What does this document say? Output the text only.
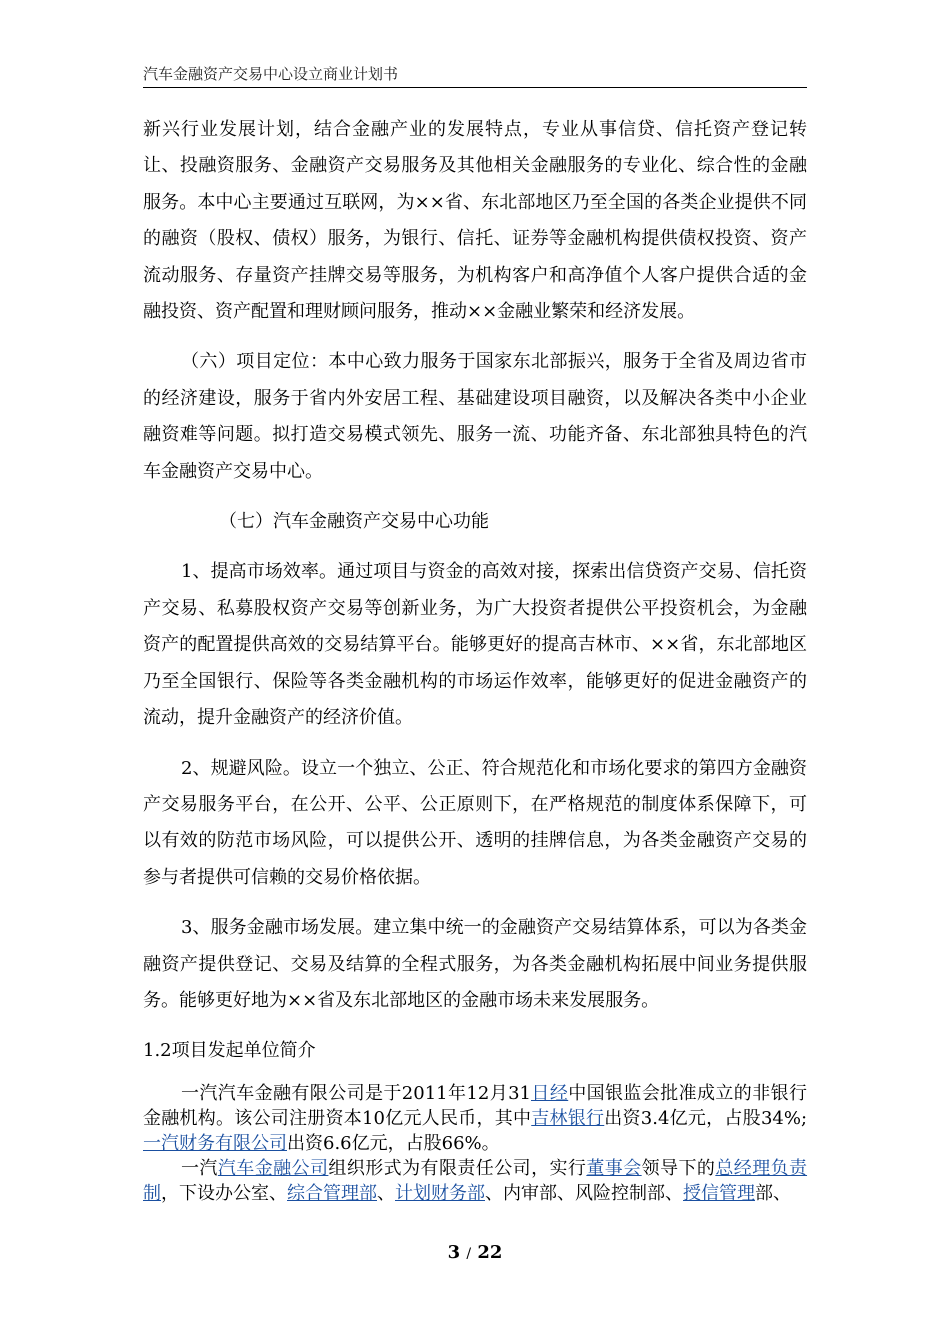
汽车金融资产交易中心设立商业计划书

新兴行业发展计划，结合金融产业的发展特点，专业从事信贷、信托资产登记转让、投融资服务、金融资产交易服务及其他相关金融服务的专业化、综合性的金融服务。本中心主要通过互联网，为××省、东北部地区乃至全国的各类企业提供不同的融资（股权、债权）服务，为银行、信托、证券等金融机构提供债权投资、资产流动服务、存量资产挂牌交易等服务，为机构客户和高净值个人客户提供合适的金融投资、资产配置和理财顾问服务，推动××金融业繁荣和经济发展。

（六）项目定位：本中心致力服务于国家东北部振兴，服务于全省及周边省市的经济建设，服务于省内外安居工程、基础建设项目融资，以及解决各类中小企业融资难等问题。拟打造交易模式领先、服务一流、功能齐备、东北部独具特色的汽车金融资产交易中心。

（七）汽车金融资产交易中心功能

1、提高市场效率。通过项目与资金的高效对接，探索出信贷资产交易、信托资产交易、私募股权资产交易等创新业务，为广大投资者提供公平投资机会，为金融资产的配置提供高效的交易结算平台。能够更好的提高吉林市、××省，东北部地区乃至全国银行、保险等各类金融机构的市场运作效率，能够更好的促进金融资产的流动，提升金融资产的经济价值。

2、规避风险。设立一个独立、公正、符合规范化和市场化要求的第四方金融资产交易服务平台，在公开、公平、公正原则下，在严格规范的制度体系保障下，可以有效的防范市场风险，可以提供公开、透明的挂牌信息，为各类金融资产交易的参与者提供可信赖的交易价格依据。

3、服务金融市场发展。建立集中统一的金融资产交易结算体系，可以为各类金融资产提供登记、交易及结算的全程式服务，为各类金融机构拓展中间业务提供服务。能够更好地为××省及东北部地区的金融市场未来发展服务。

1.2项目发起单位简介

一汽汽车金融有限公司是于2011年12月31日经中国银监会批准成立的非银行金融机构。该公司注册资本10亿元人民币，其中吉林银行出资3.4亿元，占股34%;一汽财务有限公司出资6.6亿元，占股66%。

一汽汽车金融公司组织形式为有限责任公司，实行董事会领导下的总经理负责制，下设办公室、综合管理部、计划财务部、内审部、风险控制部、授信管理部、

3 / 22
